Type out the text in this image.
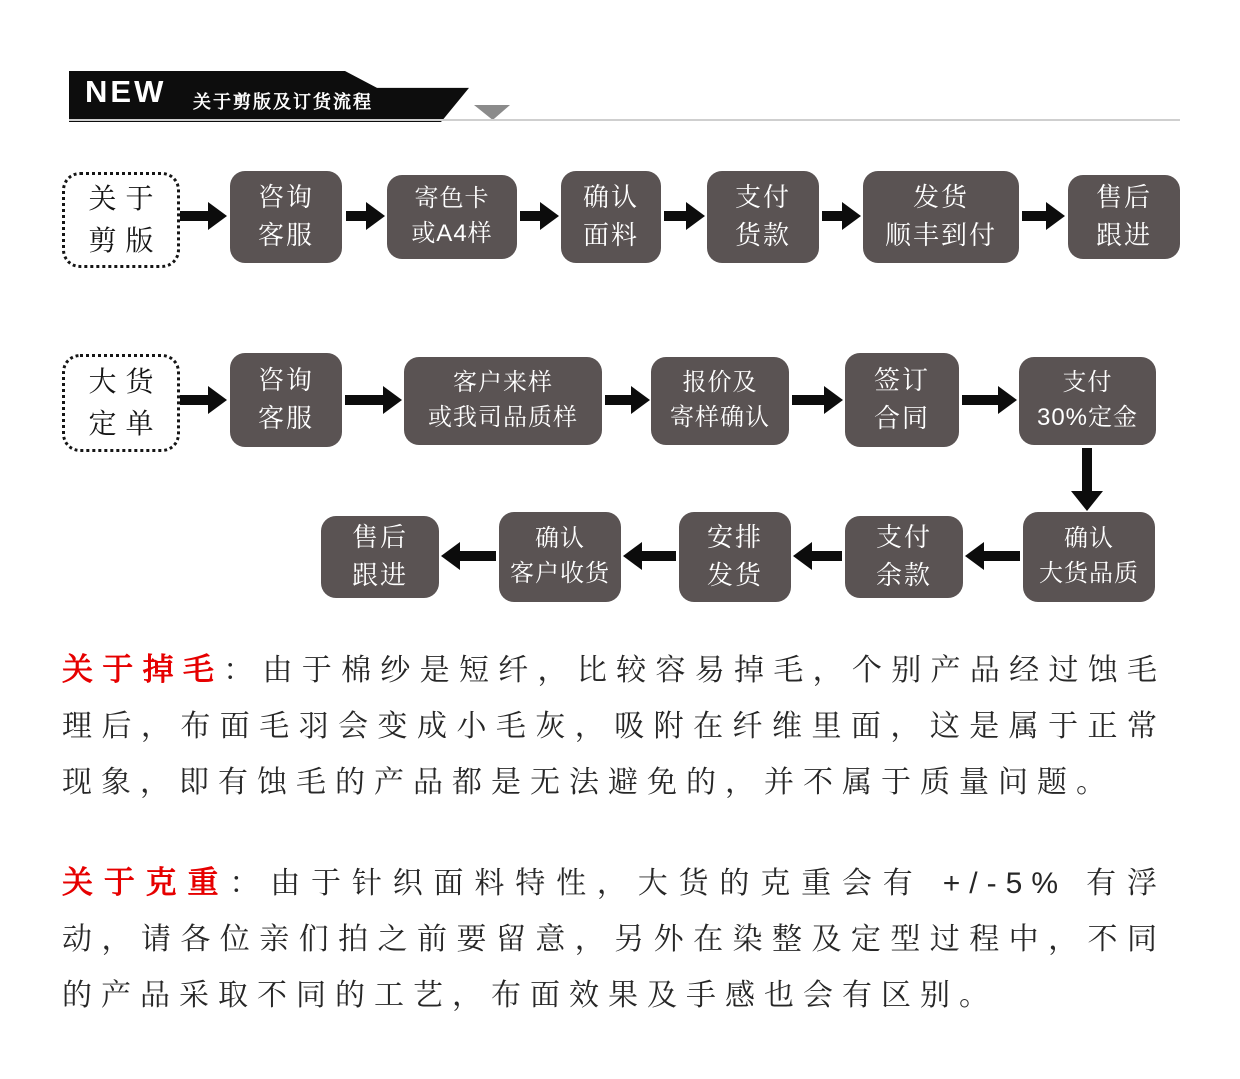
NEW 关于剪版及订货流程
关于
剪版
咨询
客服
寄色卡
或A4样
确认
面料
支付
货款
发货
顺丰到付
售后
跟进
大货
定单
咨询
客服
客户来样
或我司品质样
报价及
寄样确认
签订
合同
支付
30%定金
售后
跟进
确认
客户收货
安排
发货
支付
余款
确认
大货品质
关于掉毛：由于棉纱是短纤，比较容易掉毛，个别产品经过蚀毛理后，布面毛羽会变成小毛灰，吸附在纤维里面，这是属于正常现象，即有蚀毛的产品都是无法避免的，并不属于质量问题。
关于克重：由于针织面料特性，大货的克重会有 +/-5% 有浮动，请各位亲们拍之前要留意，另外在染整及定型过程中，不同的产品采取不同的工艺，布面效果及手感也会有区别。
